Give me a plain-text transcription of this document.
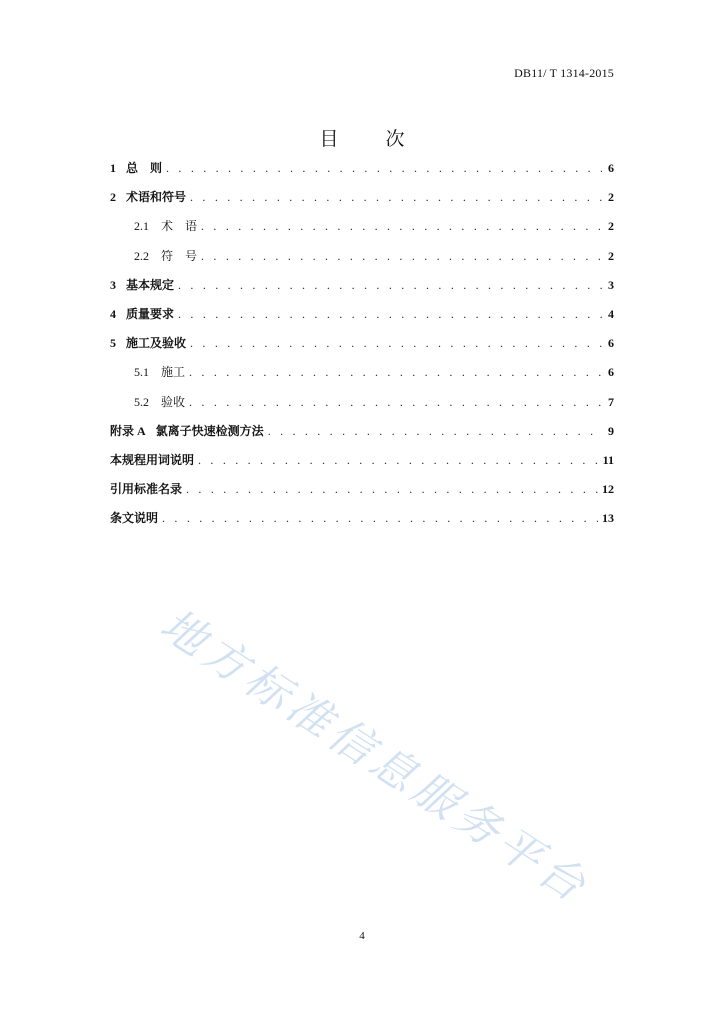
DB11/ T 1314-2015
目　次
1 总　则 . . .	6
2 术语和符号 . . .	2
2.1 术　语 . . .	2
2.2 符　号 . . .	2
3 基本规定 . . .	3
4 质量要求 . . .	4
5 施工及验收 . . .	6
5.1 施工 . . .	6
5.2 验收 . . .	7
附录 A 氯离子快速检测方法 . . .	9
本规程用词说明 . . .	11
引用标准名录 . . .	12
条文说明 . . .	13
地方标准信息服务平台
4
